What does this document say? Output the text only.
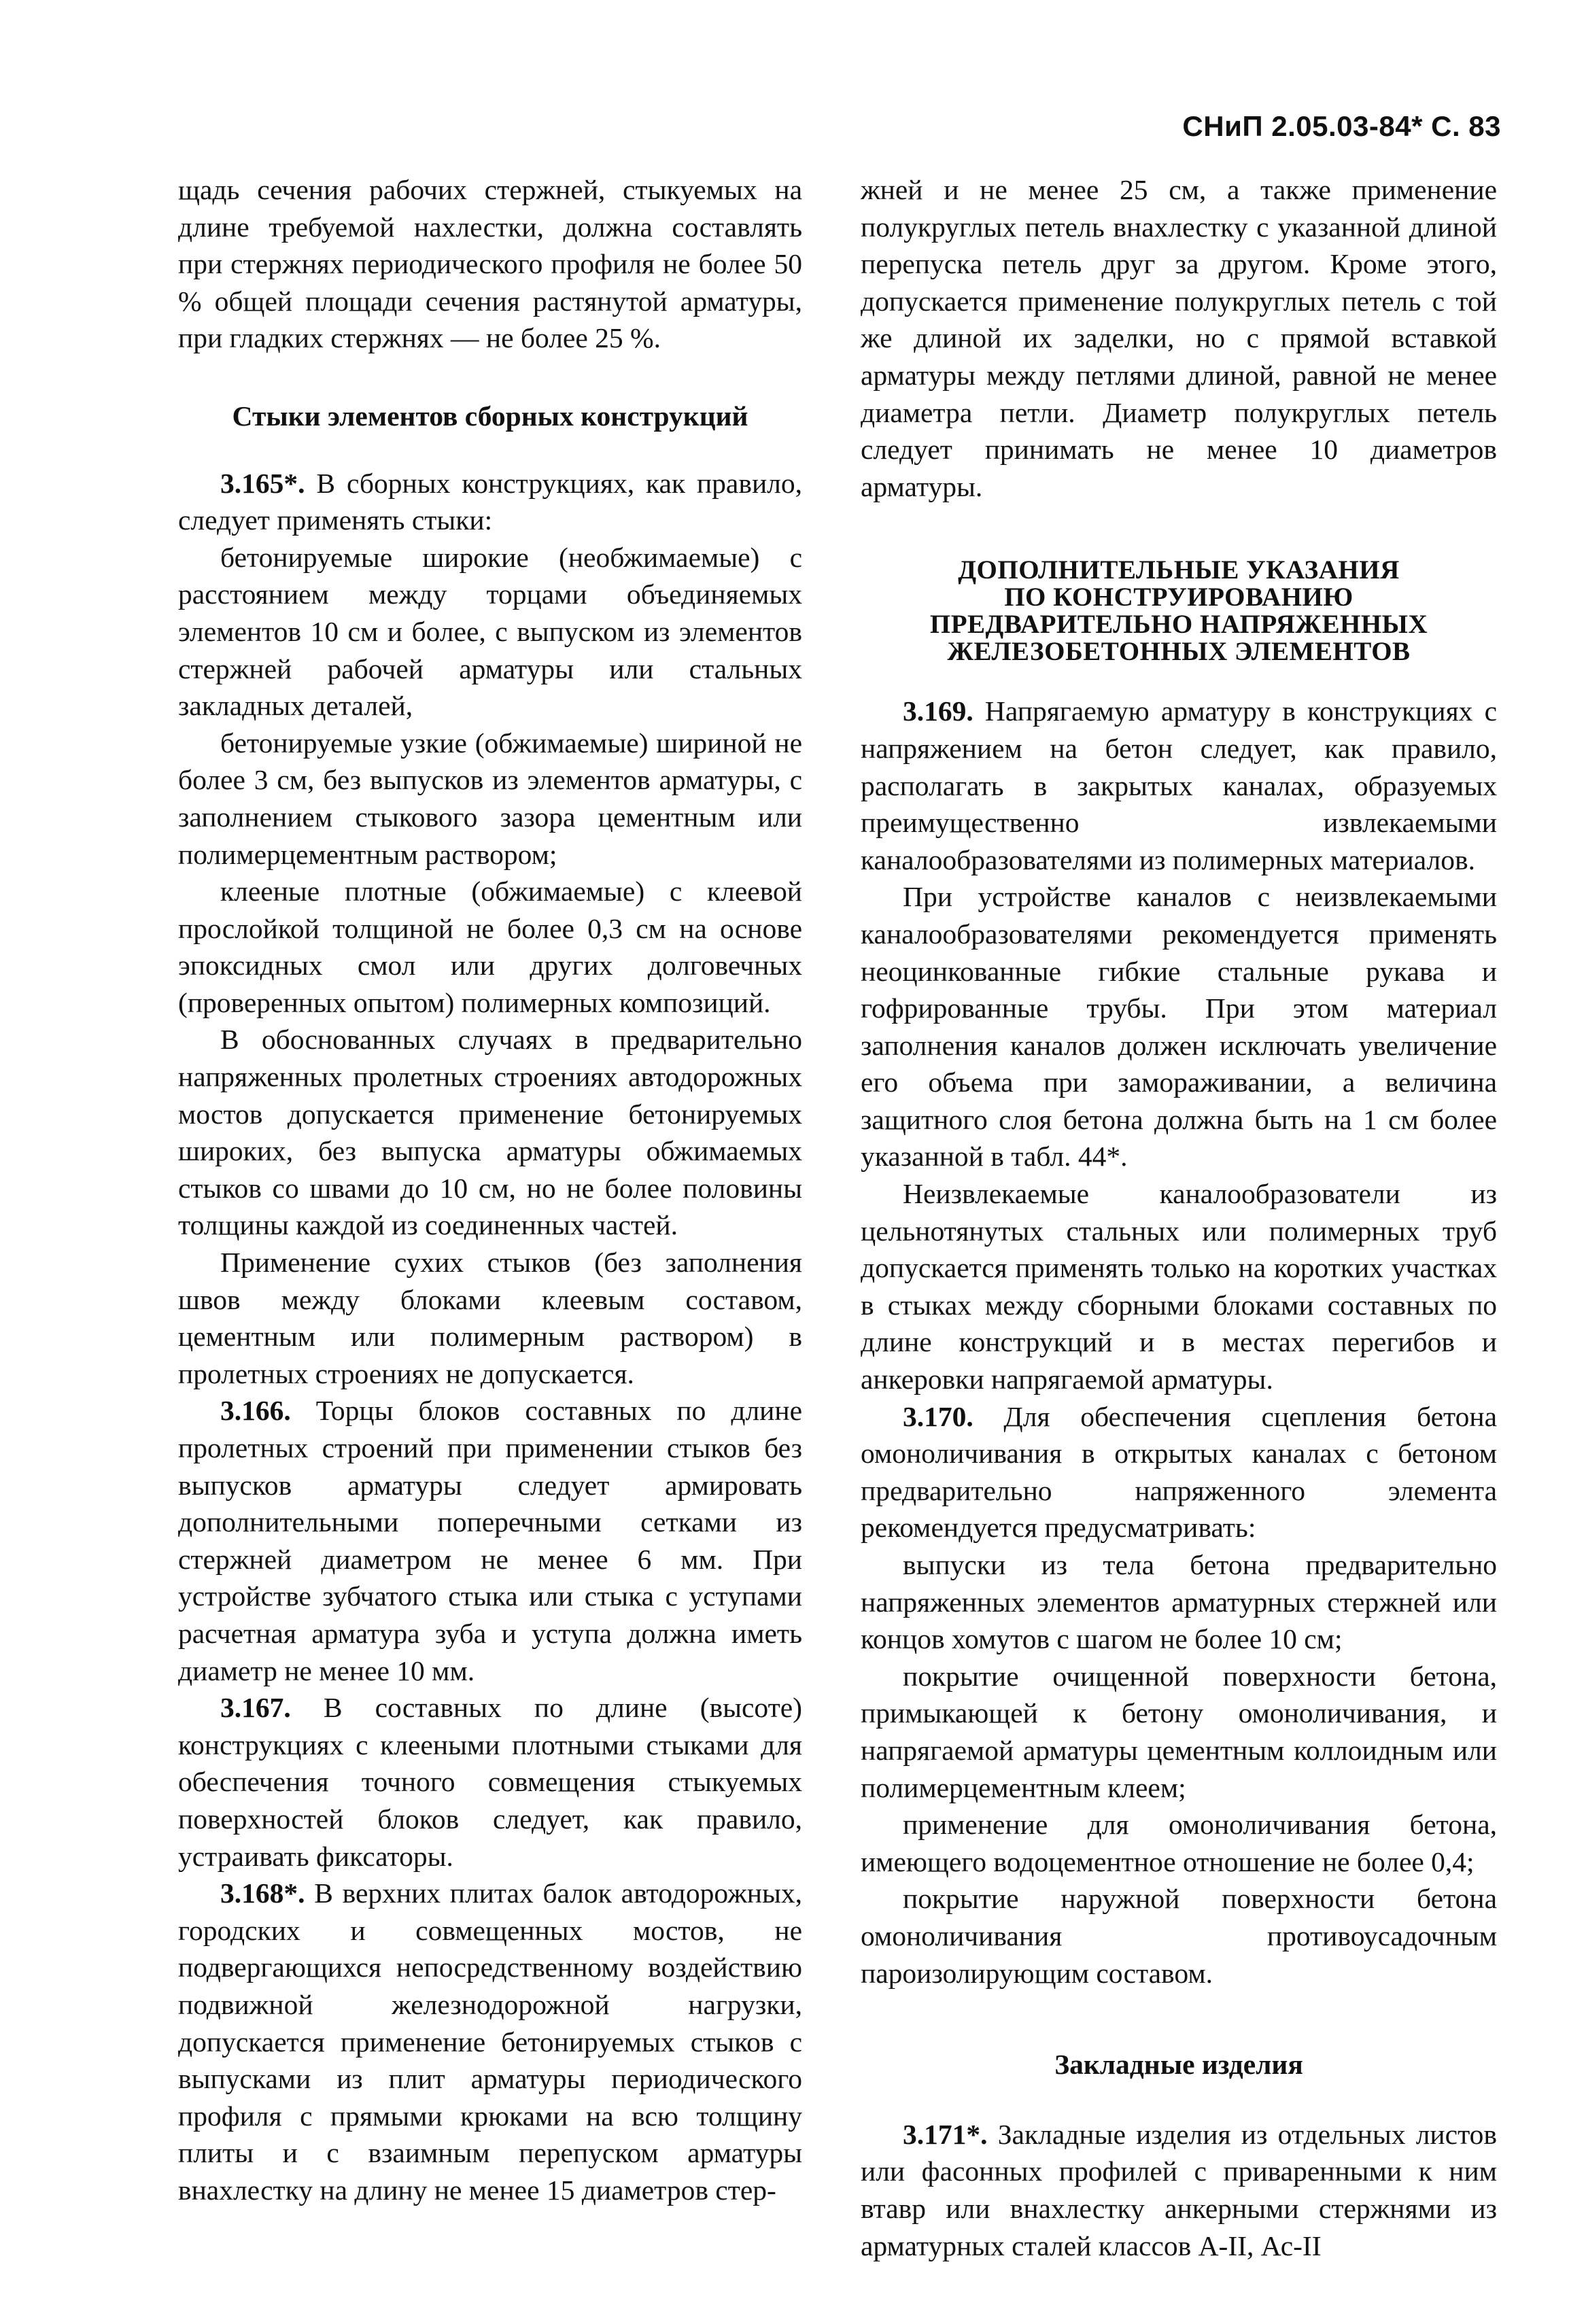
СНиП 2.05.03-84* С. 83

щадь сечения рабочих стержней, стыкуемых на длине требуемой нахлестки, должна составлять при стержнях периодического профиля не более 50 % общей площади сечения растянутой арматуры, при гладких стержнях — не более 25 %.

Стыки элементов сборных конструкций

3.165*. В сборных конструкциях, как правило, следует применять стыки:

бетонируемые широкие (необжимаемые) с расстоянием между торцами объединяемых элементов 10 см и более, с выпуском из элементов стержней рабочей арматуры или стальных закладных деталей,

бетонируемые узкие (обжимаемые) шириной не более 3 см, без выпусков из элементов арматуры, с заполнением стыкового зазора цементным или полимерцементным раствором;

клееные плотные (обжимаемые) с клеевой прослойкой толщиной не более 0,3 см на основе эпоксидных смол или других долговечных (проверенных опытом) полимерных композиций.

В обоснованных случаях в предварительно напряженных пролетных строениях автодорожных мостов допускается применение бетонируемых широких, без выпуска арматуры обжимаемых стыков со швами до 10 см, но не более половины толщины каждой из соединенных частей.

Применение сухих стыков (без заполнения швов между блоками клеевым составом, цементным или полимерным раствором) в пролетных строениях не допускается.

3.166. Торцы блоков составных по длине пролетных строений при применении стыков без выпусков арматуры следует армировать дополнительными поперечными сетками из стержней диаметром не менее 6 мм. При устройстве зубчатого стыка или стыка с уступами расчетная арматура зуба и уступа должна иметь диаметр не менее 10 мм.

3.167. В составных по длине (высоте) конструкциях с клееными плотными стыками для обеспечения точного совмещения стыкуемых поверхностей блоков следует, как правило, устраивать фиксаторы.

3.168*. В верхних плитах балок автодорожных, городских и совмещенных мостов, не подвергающихся непосредственному воздействию подвижной железнодорожной нагрузки, допускается применение бетонируемых стыков с выпусками из плит арматуры периодического профиля с прямыми крюками на всю толщину плиты и с взаимным перепуском арматуры внахлестку на длину не менее 15 диаметров стер-

жней и не менее 25 см, а также применение полукруглых петель внахлестку с указанной длиной перепуска петель друг за другом. Кроме этого, допускается применение полукруглых петель с той же длиной их заделки, но с прямой вставкой арматуры между петлями длиной, равной не менее диаметра петли. Диаметр полукруглых петель следует принимать не менее 10 диаметров арматуры.

ДОПОЛНИТЕЛЬНЫЕ УКАЗАНИЯ
ПО КОНСТРУИРОВАНИЮ
ПРЕДВАРИТЕЛЬНО НАПРЯЖЕННЫХ
ЖЕЛЕЗОБЕТОННЫХ ЭЛЕМЕНТОВ

3.169. Напрягаемую арматуру в конструкциях с напряжением на бетон следует, как правило, располагать в закрытых каналах, образуемых преимущественно извлекаемыми каналообразователями из полимерных материалов.

При устройстве каналов с неизвлекаемыми каналообразователями рекомендуется применять неоцинкованные гибкие стальные рукава и гофрированные трубы. При этом материал заполнения каналов должен исключать увеличение его объема при замораживании, а величина защитного слоя бетона должна быть на 1 см более указанной в табл. 44*.

Неизвлекаемые каналообразователи из цельнотянутых стальных или полимерных труб допускается применять только на коротких участках в стыках между сборными блоками составных по длине конструкций и в местах перегибов и анкеровки напрягаемой арматуры.

3.170. Для обеспечения сцепления бетона омоноличивания в открытых каналах с бетоном предварительно напряженного элемента рекомендуется предусматривать:

выпуски из тела бетона предварительно напряженных элементов арматурных стержней или концов хомутов с шагом не более 10 см;

покрытие очищенной поверхности бетона, примыкающей к бетону омоноличивания, и напрягаемой арматуры цементным коллоидным или полимерцементным клеем;

применение для омоноличивания бетона, имеющего водоцементное отношение не более 0,4;

покрытие наружной поверхности бетона омоноличивания противоусадочным пароизолирующим составом.

Закладные изделия

3.171*. Закладные изделия из отдельных листов или фасонных профилей с приваренными к ним втавр или внахлестку анкерными стержнями из арматурных сталей классов А-II, Ас-II
